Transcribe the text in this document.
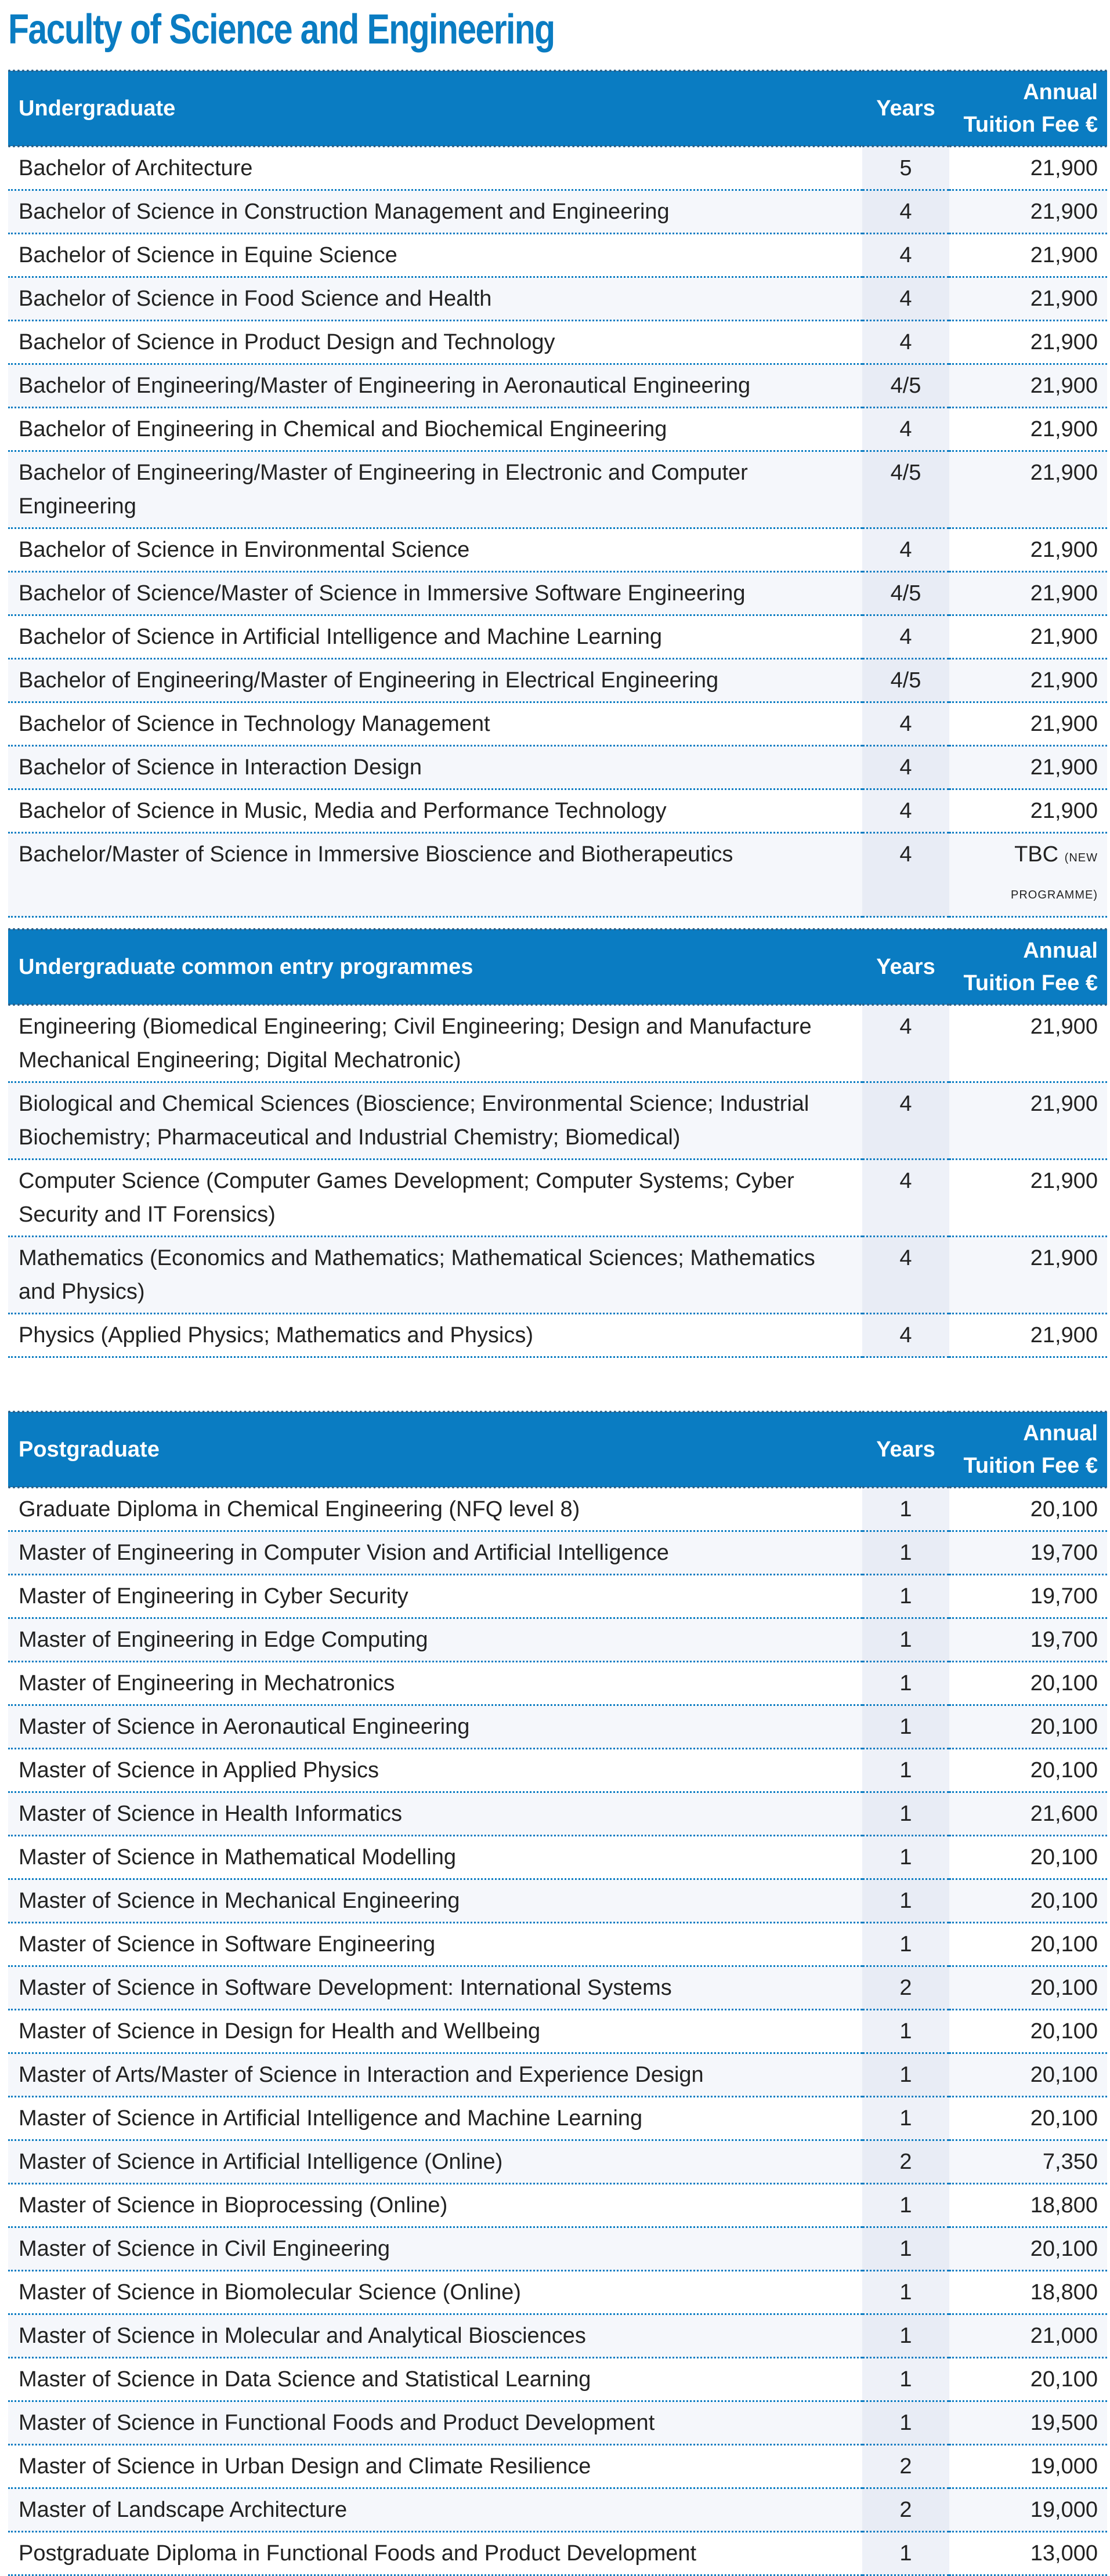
Faculty of Science and Engineering
Undergraduate	Years	Annual
Tuition Fee €
Bachelor of Architecture	5	21,900
Bachelor of Science in Construction Management and Engineering	4	21,900
Bachelor of Science in Equine Science	4	21,900
Bachelor of Science in Food Science and Health	4	21,900
Bachelor of Science in Product Design and Technology	4	21,900
Bachelor of Engineering/Master of Engineering in Aeronautical Engineering	4/5	21,900
Bachelor of Engineering in Chemical and Biochemical Engineering	4	21,900
Bachelor of Engineering/Master of Engineering in Electronic and Computer Engineering	4/5	21,900
Bachelor of Science in Environmental Science	4	21,900
Bachelor of Science/Master of Science in Immersive Software Engineering	4/5	21,900
Bachelor of Science in Artificial Intelligence and Machine Learning	4	21,900
Bachelor of Engineering/Master of Engineering in Electrical Engineering	4/5	21,900
Bachelor of Science in Technology Management	4	21,900
Bachelor of Science in Interaction Design	4	21,900
Bachelor of Science in Music, Media and Performance Technology	4	21,900
Bachelor/Master of Science in Immersive Bioscience and Biotherapeutics	4	TBC (NEW PROGRAMME)
Undergraduate common entry programmes	Years	Annual
Tuition Fee €
Engineering (Biomedical Engineering; Civil Engineering; Design and Manufacture Mechanical Engineering; Digital Mechatronic)	4	21,900
Biological and Chemical Sciences (Bioscience; Environmental Science; Industrial Biochemistry; Pharmaceutical and Industrial Chemistry; Biomedical)	4	21,900
Computer Science (Computer Games Development; Computer Systems; Cyber Security and IT Forensics)	4	21,900
Mathematics (Economics and Mathematics; Mathematical Sciences; Mathematics and Physics)	4	21,900
Physics (Applied Physics; Mathematics and Physics)	4	21,900
Postgraduate	Years	Annual
Tuition Fee €
Graduate Diploma in Chemical Engineering (NFQ level 8)	1	20,100
Master of Engineering in Computer Vision and Artificial Intelligence	1	19,700
Master of Engineering in Cyber Security	1	19,700
Master of Engineering in Edge Computing	1	19,700
Master of Engineering in Mechatronics	1	20,100
Master of Science in Aeronautical Engineering	1	20,100
Master of Science in Applied Physics	1	20,100
Master of Science in Health Informatics	1	21,600
Master of Science in Mathematical Modelling	1	20,100
Master of Science in Mechanical Engineering	1	20,100
Master of Science in Software Engineering	1	20,100
Master of Science in Software Development: International Systems	2	20,100
Master of Science in Design for Health and Wellbeing	1	20,100
Master of Arts/Master of Science in Interaction and Experience Design	1	20,100
Master of Science in Artificial Intelligence and Machine Learning	1	20,100
Master of Science in Artificial Intelligence (Online)	2	7,350
Master of Science in Bioprocessing (Online)	1	18,800
Master of Science in Civil Engineering	1	20,100
Master of Science in Biomolecular Science (Online)	1	18,800
Master of Science in Molecular and Analytical Biosciences	1	21,000
Master of Science in Data Science and Statistical Learning	1	20,100
Master of Science in Functional Foods and Product Development	1	19,500
Master of Science in Urban Design and Climate Resilience	2	19,000
Master of Landscape Architecture	2	19,000
Postgraduate Diploma in Functional Foods and Product Development	1	13,000
